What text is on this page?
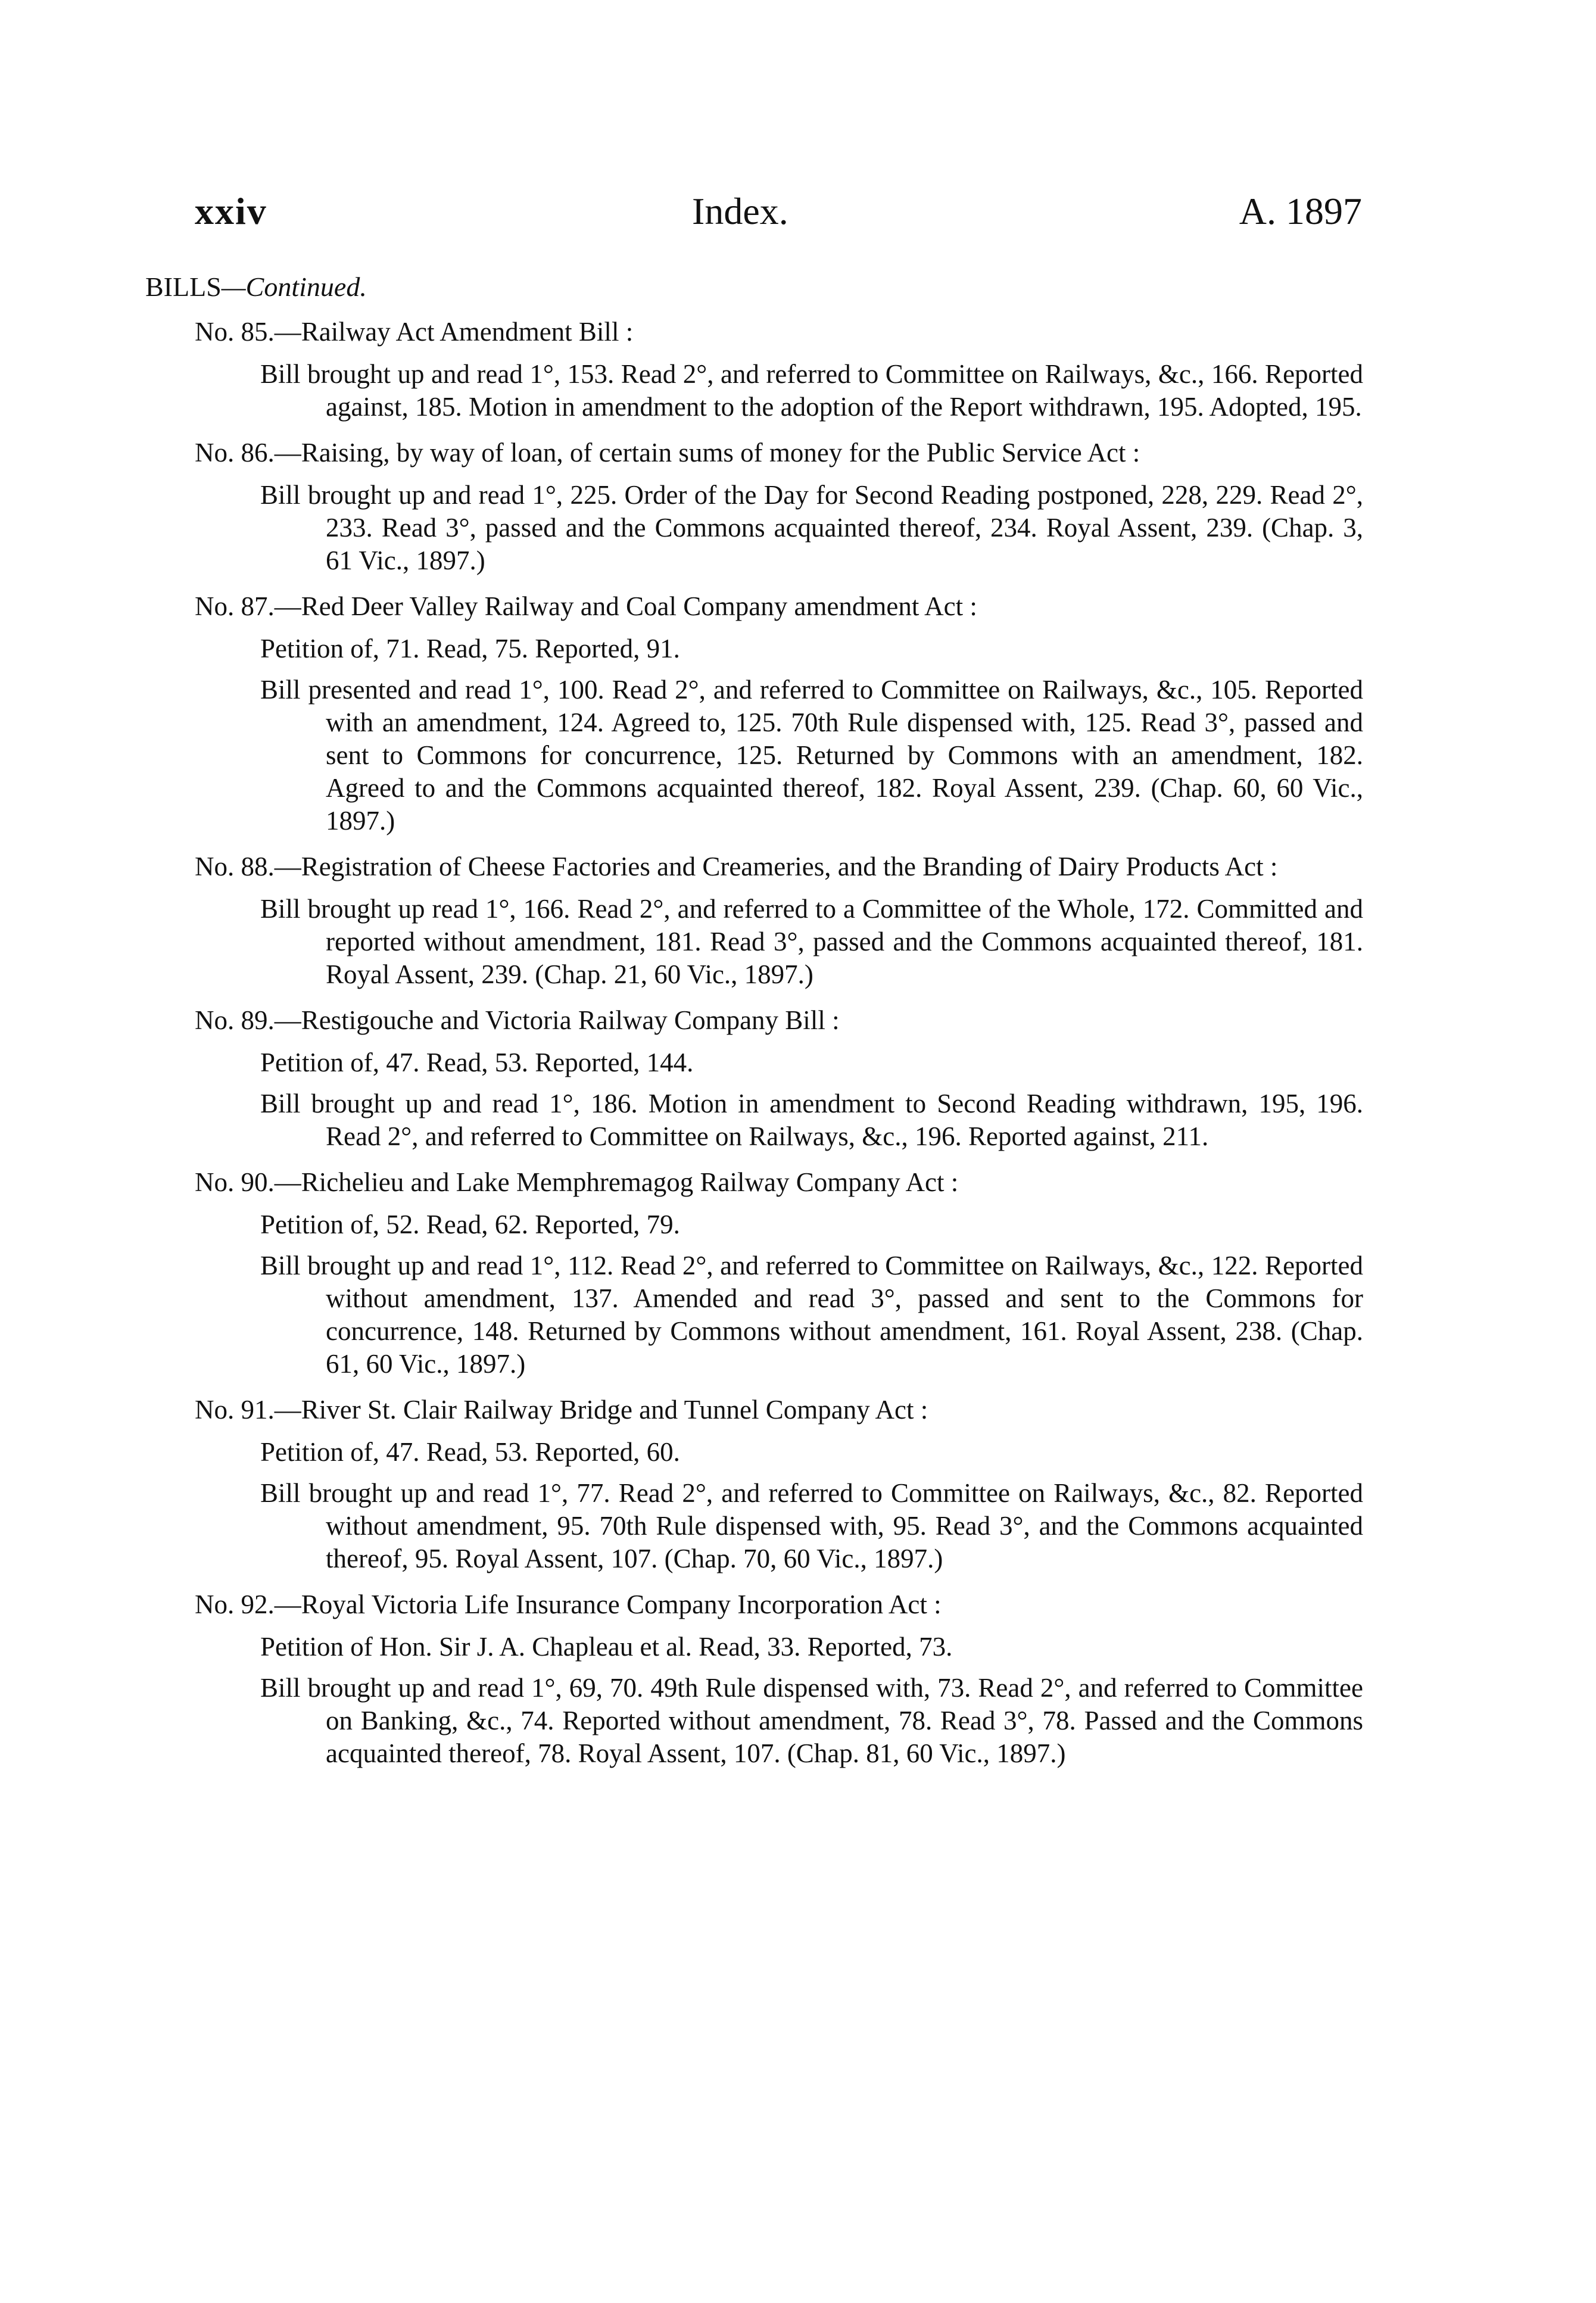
xxiv	Index.	A. 1897
BILLS—Continued.
No. 85.—Railway Act Amendment Bill :
Bill brought up and read 1°, 153. Read 2°, and referred to Committee on Railways, &c., 166. Reported against, 185. Motion in amendment to the adoption of the Report withdrawn, 195. Adopted, 195.
No. 86.—Raising, by way of loan, of certain sums of money for the Public Service Act :
Bill brought up and read 1°, 225. Order of the Day for Second Reading postponed, 228, 229. Read 2°, 233. Read 3°, passed and the Commons acquainted thereof, 234. Royal Assent, 239. (Chap. 3, 61 Vic., 1897.)
No. 87.—Red Deer Valley Railway and Coal Company amendment Act :
Petition of, 71. Read, 75. Reported, 91.
Bill presented and read 1°, 100. Read 2°, and referred to Committee on Railways, &c., 105. Reported with an amendment, 124. Agreed to, 125. 70th Rule dispensed with, 125. Read 3°, passed and sent to Commons for concurrence, 125. Returned by Commons with an amendment, 182. Agreed to and the Commons acquainted thereof, 182. Royal Assent, 239. (Chap. 60, 60 Vic., 1897.)
No. 88.—Registration of Cheese Factories and Creameries, and the Branding of Dairy Products Act :
Bill brought up read 1°, 166. Read 2°, and referred to a Committee of the Whole, 172. Committed and reported without amendment, 181. Read 3°, passed and the Commons acquainted thereof, 181. Royal Assent, 239. (Chap. 21, 60 Vic., 1897.)
No. 89.—Restigouche and Victoria Railway Company Bill :
Petition of, 47. Read, 53. Reported, 144.
Bill brought up and read 1°, 186. Motion in amendment to Second Reading withdrawn, 195, 196. Read 2°, and referred to Committee on Railways, &c., 196. Reported against, 211.
No. 90.—Richelieu and Lake Memphremagog Railway Company Act :
Petition of, 52. Read, 62. Reported, 79.
Bill brought up and read 1°, 112. Read 2°, and referred to Committee on Railways, &c., 122. Reported without amendment, 137. Amended and read 3°, passed and sent to the Commons for concurrence, 148. Returned by Commons without amendment, 161. Royal Assent, 238. (Chap. 61, 60 Vic., 1897.)
No. 91.—River St. Clair Railway Bridge and Tunnel Company Act :
Petition of, 47. Read, 53. Reported, 60.
Bill brought up and read 1°, 77. Read 2°, and referred to Committee on Railways, &c., 82. Reported without amendment, 95. 70th Rule dispensed with, 95. Read 3°, and the Commons acquainted thereof, 95. Royal Assent, 107. (Chap. 70, 60 Vic., 1897.)
No. 92.—Royal Victoria Life Insurance Company Incorporation Act :
Petition of Hon. Sir J. A. Chapleau et al. Read, 33. Reported, 73.
Bill brought up and read 1°, 69, 70. 49th Rule dispensed with, 73. Read 2°, and referred to Committee on Banking, &c., 74. Reported without amendment, 78. Read 3°, 78. Passed and the Commons acquainted thereof, 78. Royal Assent, 107. (Chap. 81, 60 Vic., 1897.)
